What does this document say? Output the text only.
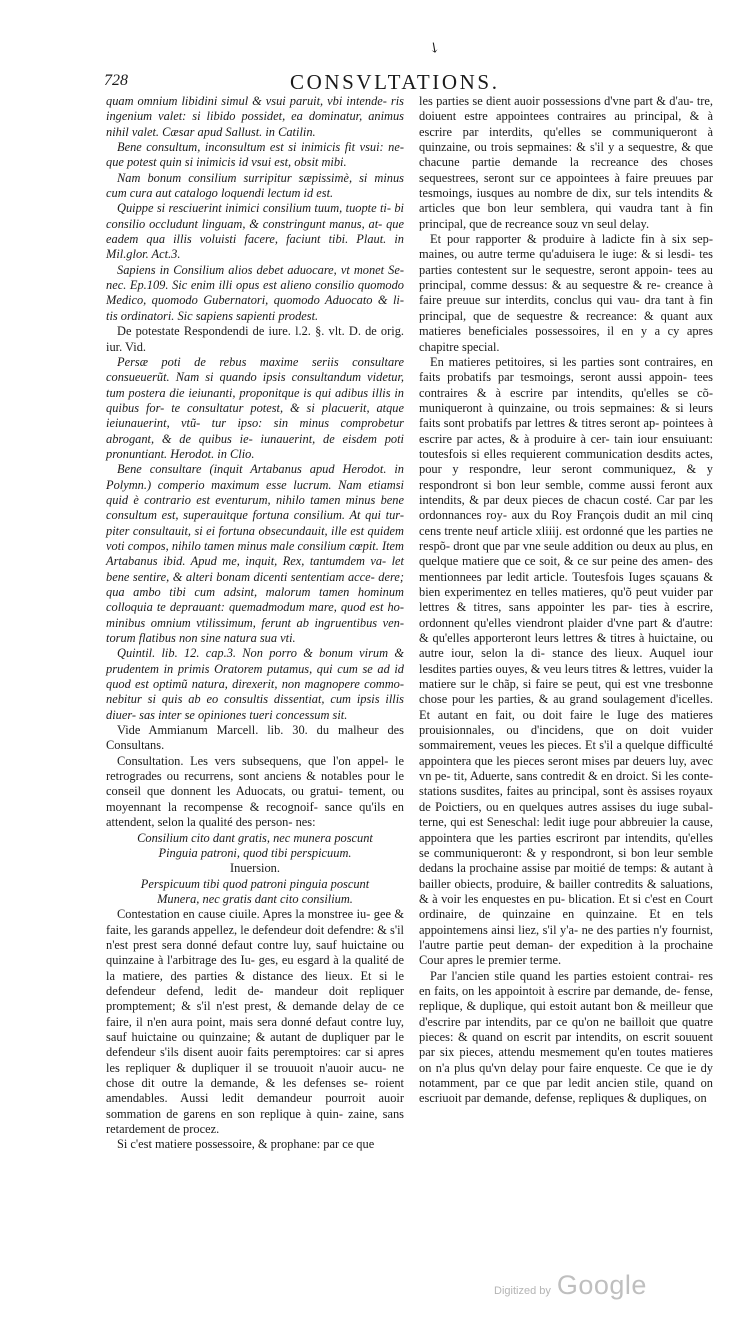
↘
728	CONSVLTATIONS.

quam omnium libidini simul & vsui paruit, vbi intende- ris ingenium valet: si libido possidet, ea dominatur, animus nihil valet. Cæsar apud Sallust. in Catilin.

Bene consultum, inconsultum est si inimicis fit vsui: ne- que potest quin si inimicis id vsui est, obsit mibi.

Nam bonum consilium surripitur sæpissimè, si minus cum cura aut catalogo loquendi lectum id est.

Quippe si resciuerint inimici consilium tuum, tuopte ti- bi consilio occludunt linguam, & constringunt manus, at- que eadem qua illis voluisti facere, faciunt tibi. Plaut. in Mil.glor. Act.3.

Sapiens in Consilium alios debet aduocare, vt monet Se- nec. Ep.109. Sic enim illi opus est alieno consilio quomodo Medico, quomodo Gubernatori, quomodo Aduocato & li- tis ordinatori. Sic sapiens sapienti prodest.

De potestate Respondendi de iure. l.2. §. vlt. D. de orig. iur. Vid.

Persæ poti de rebus maxime seriis consultare consueuerũt. Nam si quando ipsis consultandum videtur, tum postera die ieiunanti, proponitque is qui adibus illis in quibus for- te consultatur potest, & si placuerit, atque ieiunauerint, vtũ- tur ipso: sin minus comprobetur abrogant, & de quibus ie- iunauerint, de eisdem poti pronuntiant. Herodot. in Clio.

Bene consultare (inquit Artabanus apud Herodot. in Polymn.) comperio maximum esse lucrum. Nam etiamsi quid è contrario est eventurum, nihilo tamen minus bene consultum est, superauitque fortuna consilium. At qui tur- piter consultauit, si ei fortuna obsecundauit, ille est quidem voti compos, nihilo tamen minus male consilium cœpit. Item Artabanus ibid. Apud me, inquit, Rex, tantumdem va- let bene sentire, & alteri bonam dicenti sententiam acce- dere; qua ambo tibi cum adsint, malorum tamen hominum colloquia te deprauant: quemadmodum mare, quod est ho- minibus omnium vtilissimum, ferunt ab ingruentibus ven- torum flatibus non sine natura sua vti.

Quintil. lib. 12. cap.3. Non porro & bonum virum & prudentem in primis Oratorem putamus, qui cum se ad id quod est optimũ natura, direxerit, non magnopere commo- nebitur si quis ab eo consultis dissentiat, cum ipsis illis diuer- sas inter se opiniones tueri concessum sit.

Vide Ammianum Marcell. lib. 30. du malheur des Consultans.

Consultation. Les vers subsequens, que l'on appel- le retrogrades ou recurrens, sont anciens & notables pour le conseil que donnent les Aduocats, ou gratui- tement, ou moyennant la recompense & recognoif- sance qu'ils en attendent, selon la qualité des person- nes:

Consilium cito dant gratis, nec munera poscunt

Pinguia patroni, quod tibi perspicuum.

Inuersion.

Perspicuum tibi quod patroni pinguia poscunt

Munera, nec gratis dant cito consilium.

Contestation en cause ciuile. Apres la monstree iu- gee & faite, les garands appellez, le defendeur doit defendre: & s'il n'est prest sera donné defaut contre luy, sauf huictaine ou quinzaine à l'arbitrage des Iu- ges, eu esgard à la qualité de la matiere, des parties & distance des lieux. Et si le defendeur defend, ledit de- mandeur doit repliquer promptement; & s'il n'est prest, & demande delay de ce faire, il n'en aura point, mais sera donné defaut contre luy, sauf huictaine ou quinzaine; & autant de dupliquer par le defendeur s'ils disent auoir faits peremptoires: car si apres les repliquer & dupliquer il se trouuoit n'auoir aucu- ne chose dit outre la demande, & les defenses se- roient amendables. Aussi ledit demandeur pourroit auoir sommation de garens en son replique à quin- zaine, sans retardement de procez.

Si c'est matiere possessoire, & prophane: par ce que

les parties se dient auoir possessions d'vne part & d'au- tre, doiuent estre appointees contraires au principal, & à escrire par interdits, qu'elles se communiqueront à quinzaine, ou trois sepmaines: & s'il y a sequestre, & que chacune partie demande la recreance des choses sequestrees, seront sur ce appointees à faire preuues par tesmoings, iusques au nombre de dix, sur tels intendits & articles que bon leur semblera, qui vaudra tant à fin principal, que de recreance souz vn seul delay.

Et pour rapporter & produire à ladicte fin à six sep- maines, ou autre terme qu'aduisera le iuge: & si lesdi- tes parties contestent sur le sequestre, seront appoin- tees au principal, comme dessus: & au sequestre & re- creance à faire preuue sur interdits, conclus qui vau- dra tant à fin principal, que de sequestre & recreance: & quant aux matieres beneficiales possessoires, il en y a cy apres chapitre special.

En matieres petitoires, si les parties sont contraires, en faits probatifs par tesmoings, seront aussi appoin- tees contraires & à escrire par intendits, qu'elles se cõ- muniqueront à quinzaine, ou trois sepmaines: & si leurs faits sont probatifs par lettres & titres seront ap- pointees à escrire par actes, & à produire à cer- tain iour ensuiuant: toutesfois si elles requierent communication desdits actes, pour y respondre, leur seront communiquez, & y respondront si bon leur semble, comme aussi feront aux intendits, & par deux pieces de chacun costé. Car par les ordonnances roy- aux du Roy François dudit an mil cinq cens trente neuf article xliiij. est ordonné que les parties ne respõ- dront que par vne seule addition ou deux au plus, en quelque matiere que ce soit, & ce sur peine des amen- des mentionnees par ledit article. Toutesfois Iuges sçauans & bien experimentez en telles matieres, qu'õ peut vuider par lettres & titres, sans appointer les par- ties à escrire, ordonnent qu'elles viendront plaider d'vne part & d'autre: & qu'elles apporteront leurs lettres & titres à huictaine, ou autre iour, selon la di- stance des lieux. Auquel iour lesdites parties ouyes, & veu leurs titres & lettres, vuider la matiere sur le chãp, si faire se peut, qui est vne tresbonne chose pour les parties, & au grand soulagement d'icelles. Et autant en fait, ou doit faire le Iuge des matieres prouisionnales, ou d'incidens, que on doit vuider sommairement, veues les pieces. Et s'il a quelque difficulté appointera que les pieces seront mises par deuers luy, avec vn pe- tit, Aduerte, sans contredit & en droict. Si les conte- stations susdites, faites au principal, sont ès assises royaux de Poictiers, ou en quelques autres assises du iuge subal- terne, qui est Seneschal: ledit iuge pour abbreuier la cause, appointera que les parties escriront par intendits, qu'elles se communiqueront: & y respondront, si bon leur semble dedans la prochaine assise par moitié de temps: & autant à bailler obiects, produire, & bailler contredits & saluations, & à voir les enquestes en pu- blication. Et si c'est en Court ordinaire, de quinzaine en quinzaine. Et en tels appointemens ainsi liez, s'il y'a- ne des parties n'y fournist, l'autre partie peut deman- der expedition à la prochaine Cour apres le premier terme.

Par l'ancien stile quand les parties estoient contrai- res en faits, on les appointoit à escrire par demande, de- fense, replique, & duplique, qui estoit autant bon & meilleur que d'escrire par intendits, par ce qu'on ne bailloit que quatre pieces: & quand on escrit par intendits, on escrit souuent par six pieces, attendu mesmement qu'en toutes matieres on n'a plus qu'vn delay pour faire enqueste. Ce que ie dy notamment, par ce que par ledit ancien stile, quand on escriuoit par demande, defense, repliques & dupliques, on

Digitized by Google
